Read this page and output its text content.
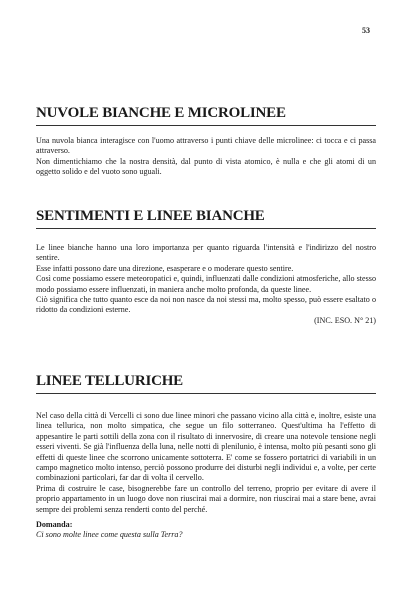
53
NUVOLE BIANCHE E MICROLINEE

Una nuvola bianca interagisce con l'uomo attraverso i punti chiave delle microlinee: ci tocca e ci passa attraverso.
Non dimentichiamo che la nostra densità, dal punto di vista atomico, è nulla e che gli atomi di un oggetto solido e del vuoto sono uguali.

SENTIMENTI E LINEE BIANCHE

Le linee bianche hanno una loro importanza per quanto riguarda l'intensità e l'indirizzo del nostro sentire.
Esse infatti possono dare una direzione, esasperare e o moderare questo sentire.
Così come possiamo essere meteoropatici e, quindi, influenzati dalle condizioni atmosferiche, allo stesso modo possiamo essere influenzati, in maniera anche molto profonda, da queste linee.
Ciò significa che tutto quanto esce da noi non nasce da noi stessi ma, molto spesso, può essere esaltato o ridotto da condizioni esterne.

(INC. ESO. N° 21)
LINEE TELLURICHE

Nel caso della città di Vercelli ci sono due linee minori che passano vicino alla città e, inoltre, esiste una linea tellurica, non molto simpatica, che segue un filo sotterraneo. Quest'ultima ha l'effetto di appesantire le parti sottili della zona con il risultato di innervosire, di creare una notevole tensione negli esseri viventi. Se già l'influenza della luna, nelle notti di plenilunio, è intensa, molto più pesanti sono gli effetti di queste linee che scorrono unicamente sottoterra. E' come se fossero portatrici di variabili in un campo magnetico molto intenso, perciò possono produrre dei disturbi negli individui e, a volte, per certe combinazioni particolari, far dar di volta il cervello.
Prima di costruire le case, bisognerebbe fare un controllo del terreno, proprio per evitare di avere il proprio appartamento in un luogo dove non riuscirai mai a dormire, non riuscirai mai a stare bene, avrai sempre dei problemi senza renderti conto del perché.

Domanda:
Ci sono molte linee come questa sulla Terra?
